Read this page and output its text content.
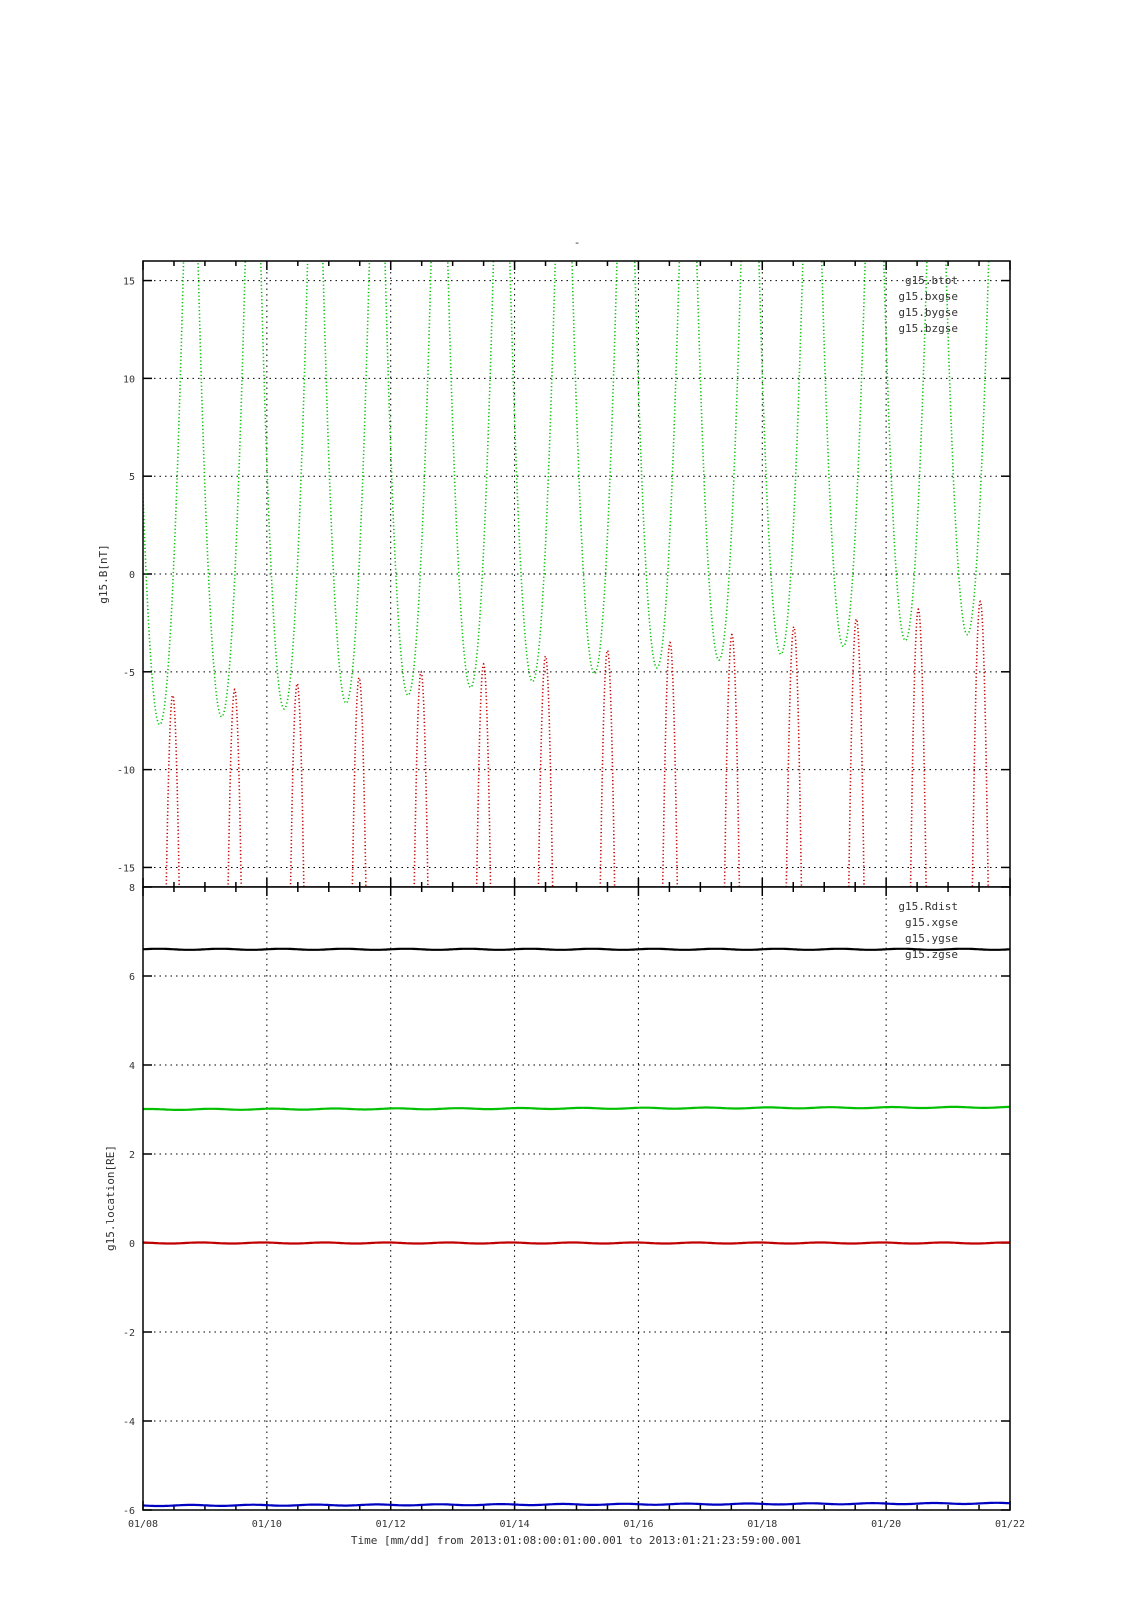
-
15
10
5
0
-5
-10
-15
g15.B[nT]
g15.btot
g15.bxgse
g15.bygse
g15.bzgse
8
6
4
2
0
-2
-4
-6
01/08	01/10	01/12	01/14	01/16	01/18	01/20	01/22
g15.location[RE]
g15.Rdist
g15.xgse
g15.ygse
g15.zgse
Time [mm/dd] from 2013:01:08:00:01:00.001 to 2013:01:21:23:59:00.001
